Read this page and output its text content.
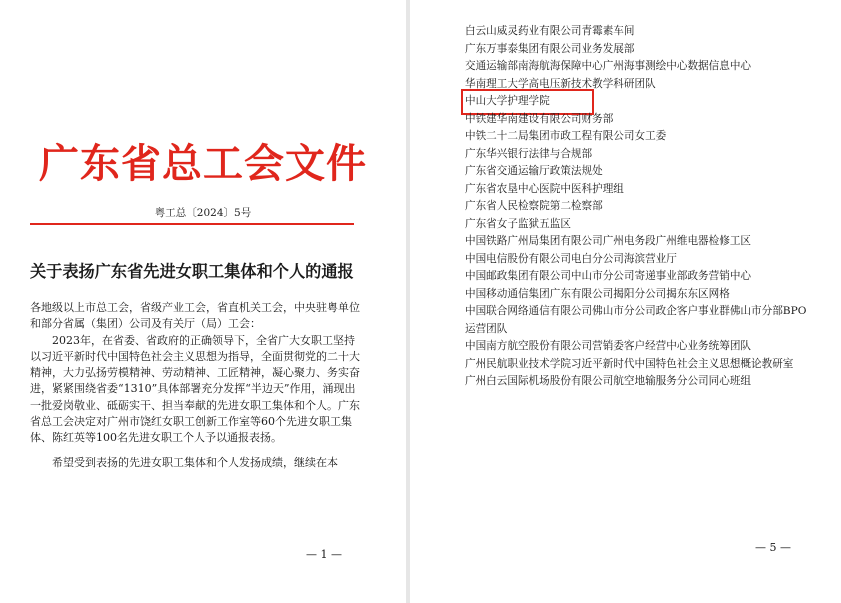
广东省总工会文件
粤工总〔2024〕5号
关于表扬广东省先进女职工集体和个人的通报

各地级以上市总工会，省级产业工会，省直机关工会，中央驻粤单位和部分省属（集团）公司及有关厅（局）工会：

2023年，在省委、省政府的正确领导下，全省广大女职工坚持以习近平新时代中国特色社会主义思想为指导，全面贯彻党的二十大精神，大力弘扬劳模精神、劳动精神、工匠精神，凝心聚力、务实奋进，紧紧围绕省委“1310”具体部署充分发挥“半边天”作用，涌现出一批爱岗敬业、砥砺实干、担当奉献的先进女职工集体和个人。广东省总工会决定对广州市饶红女职工创新工作室等60个先进女职工集体、陈红英等100名先进女职工个人予以通报表扬。

希望受到表扬的先进女职工集体和个人发扬成绩，继续在本

— 1 —
白云山威灵药业有限公司青霉素车间
广东万事泰集团有限公司业务发展部
交通运输部南海航海保障中心广州海事测绘中心数据信息中心
华南理工大学高电压新技术教学科研团队
中山大学护理学院
中铁建华南建设有限公司财务部
中铁二十二局集团市政工程有限公司女工委
广东华兴银行法律与合规部
广东省交通运输厅政策法规处
广东省农垦中心医院中医科护理组
广东省人民检察院第二检察部
广东省女子监狱五监区
中国铁路广州局集团有限公司广州电务段广州维电器检修工区
中国电信股份有限公司电白分公司海滨营业厅
中国邮政集团有限公司中山市分公司寄递事业部政务营销中心
中国移动通信集团广东有限公司揭阳分公司揭东东区网格
中国联合网络通信有限公司佛山市分公司政企客户事业群佛山市分部BPO运营团队
中国南方航空股份有限公司营销委客户经营中心业务统筹团队
广州民航职业技术学院习近平新时代中国特色社会主义思想概论教研室
广州白云国际机场股份有限公司航空地输服务分公司同心班组
— 5 —
